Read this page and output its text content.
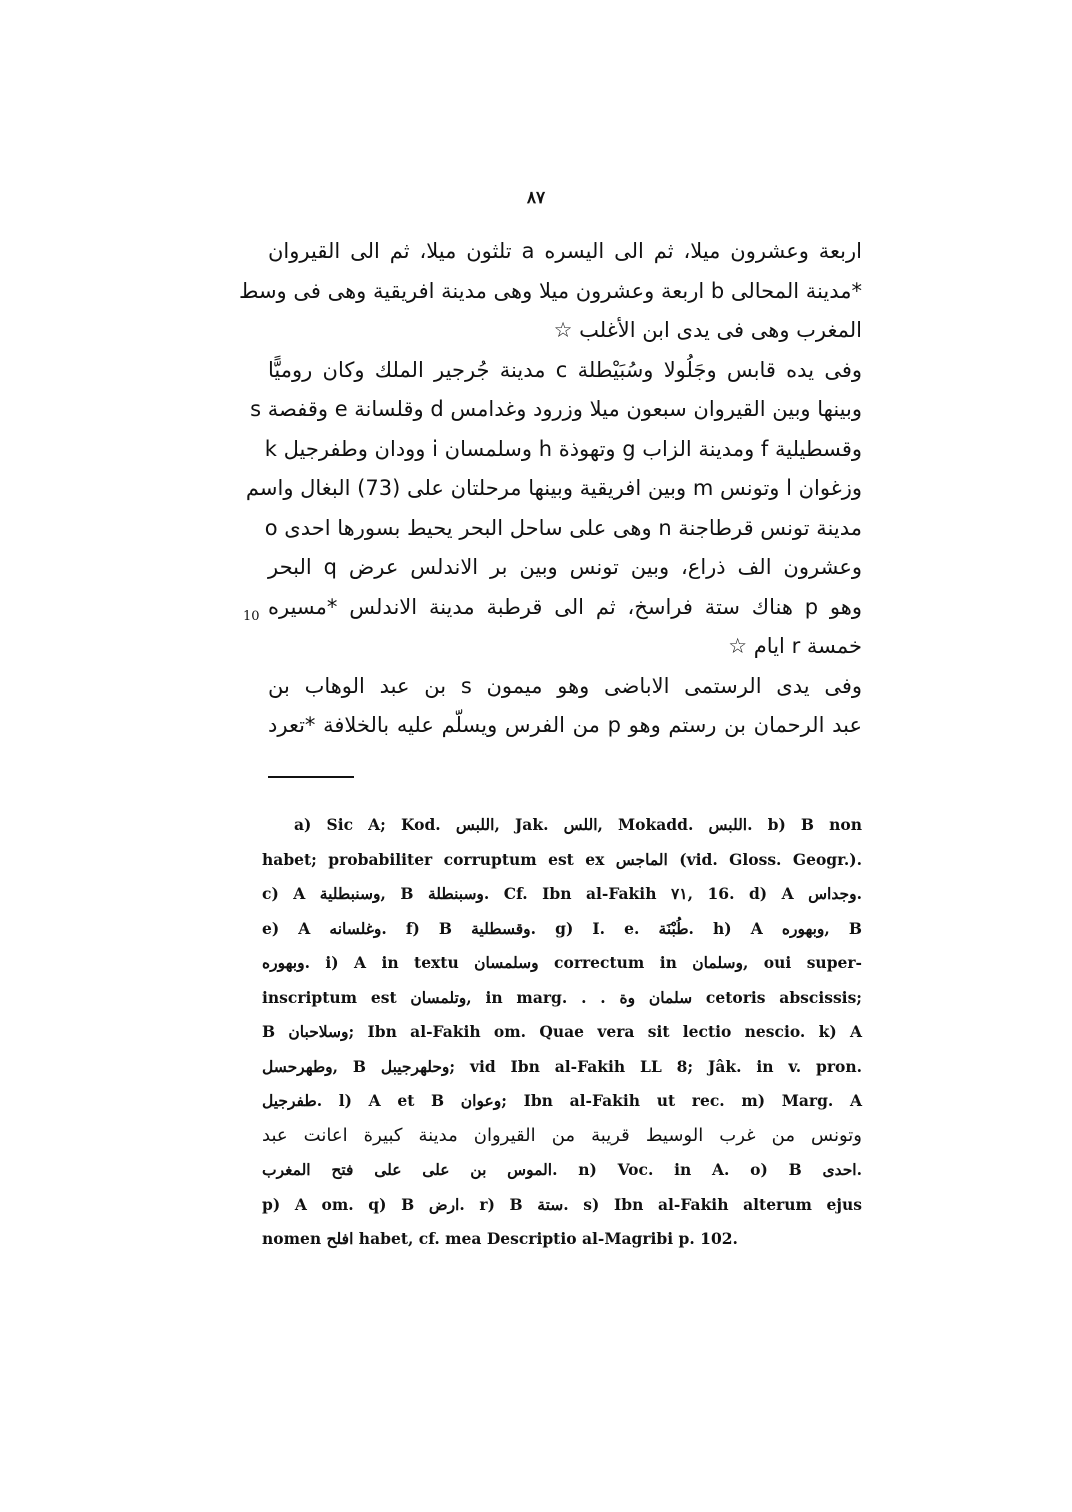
٨٧
اربعة وعشرون ميلا، ثم الى اليسره a تلثون ميلا، ثم الى القيروان
*مدينة المحالى b اربعة وعشرون ميلا وهى مدينة افريقية وهى فى وسط
المغرب وهى فى يدى ابن الأغلب ☆
وفى يده قابس وجَلُولا وسُبَيْطلة c مدينة جُرجير الملك وكان روميًّا
وبينها وبين القيروان سبعون ميلا وزرود وغدامس d وقلسانة e وقفصة s
وقسطيلية f ومدينة الزاب g وتهوذة h وسلمسان i وودان وطفرجيل k
وزغوان l وتونس m وبين افريقية وبينها مرحلتان على (73) البغال واسم
مدينة تونس قرطاجنة n وهى على ساحل البحر يحيط بسورها احدى o
وعشرون الف ذراع، وبين تونس وبين بر الاندلس عرض q البحر
وهو p هناك ستة فراسخ، ثم الى قرطبة مدينة الاندلس *مسيره
خمسة r ايام ☆
وفى يدى الرستمى الاباضى وهو ميمون s بن عبد الوهاب بن
عبد الرحمان بن رستم وهو p من الفرس ويسلّم عليه بالخلافة *تعرد
10
a) Sic A; Kod. اللبس, Jak. اللس, Mokadd. اللبس. b) B non
habet; probabiliter corruptum est ex الماجس (vid. Gloss. Geogr.).
c) A وسنبطلية, B وسبنطلة. Cf. Ibn al-Fakih ٧١, 16. d) A وجداس.
e) A وغلسانه. f) B وقسطلية. g) I. e. طُبْنَة. h) A وبهوره, B
وبهوره. i) A in textu وسلمسان correctum in وسلمان, oui super-
inscriptum est وتلمسان, in marg. . . سلمان وة cetoris abscissis;
B وسلاحبان; Ibn al-Fakih om. Quae vera sit lectio nescio. k) A
وطهرحسل, B وحلهرجيبل; vid Ibn al-Fakih LL 8; Jâk. in v. pron.
طفرجيل. l) A et B وعوان; Ibn al-Fakih ut rec. m) Marg. A
وتونس من غرب الوسيط قريبة من القيروان مدينة كبيرة اعانت عبد
الموس بن على على فتح المغرب. n) Voc. in A. o) B احدى.
p) A om. q) B ارض. r) B ستة. s) Ibn al-Fakih alterum ejus
nomen افلح habet, cf. mea Descriptio al-Magribi p. 102.
